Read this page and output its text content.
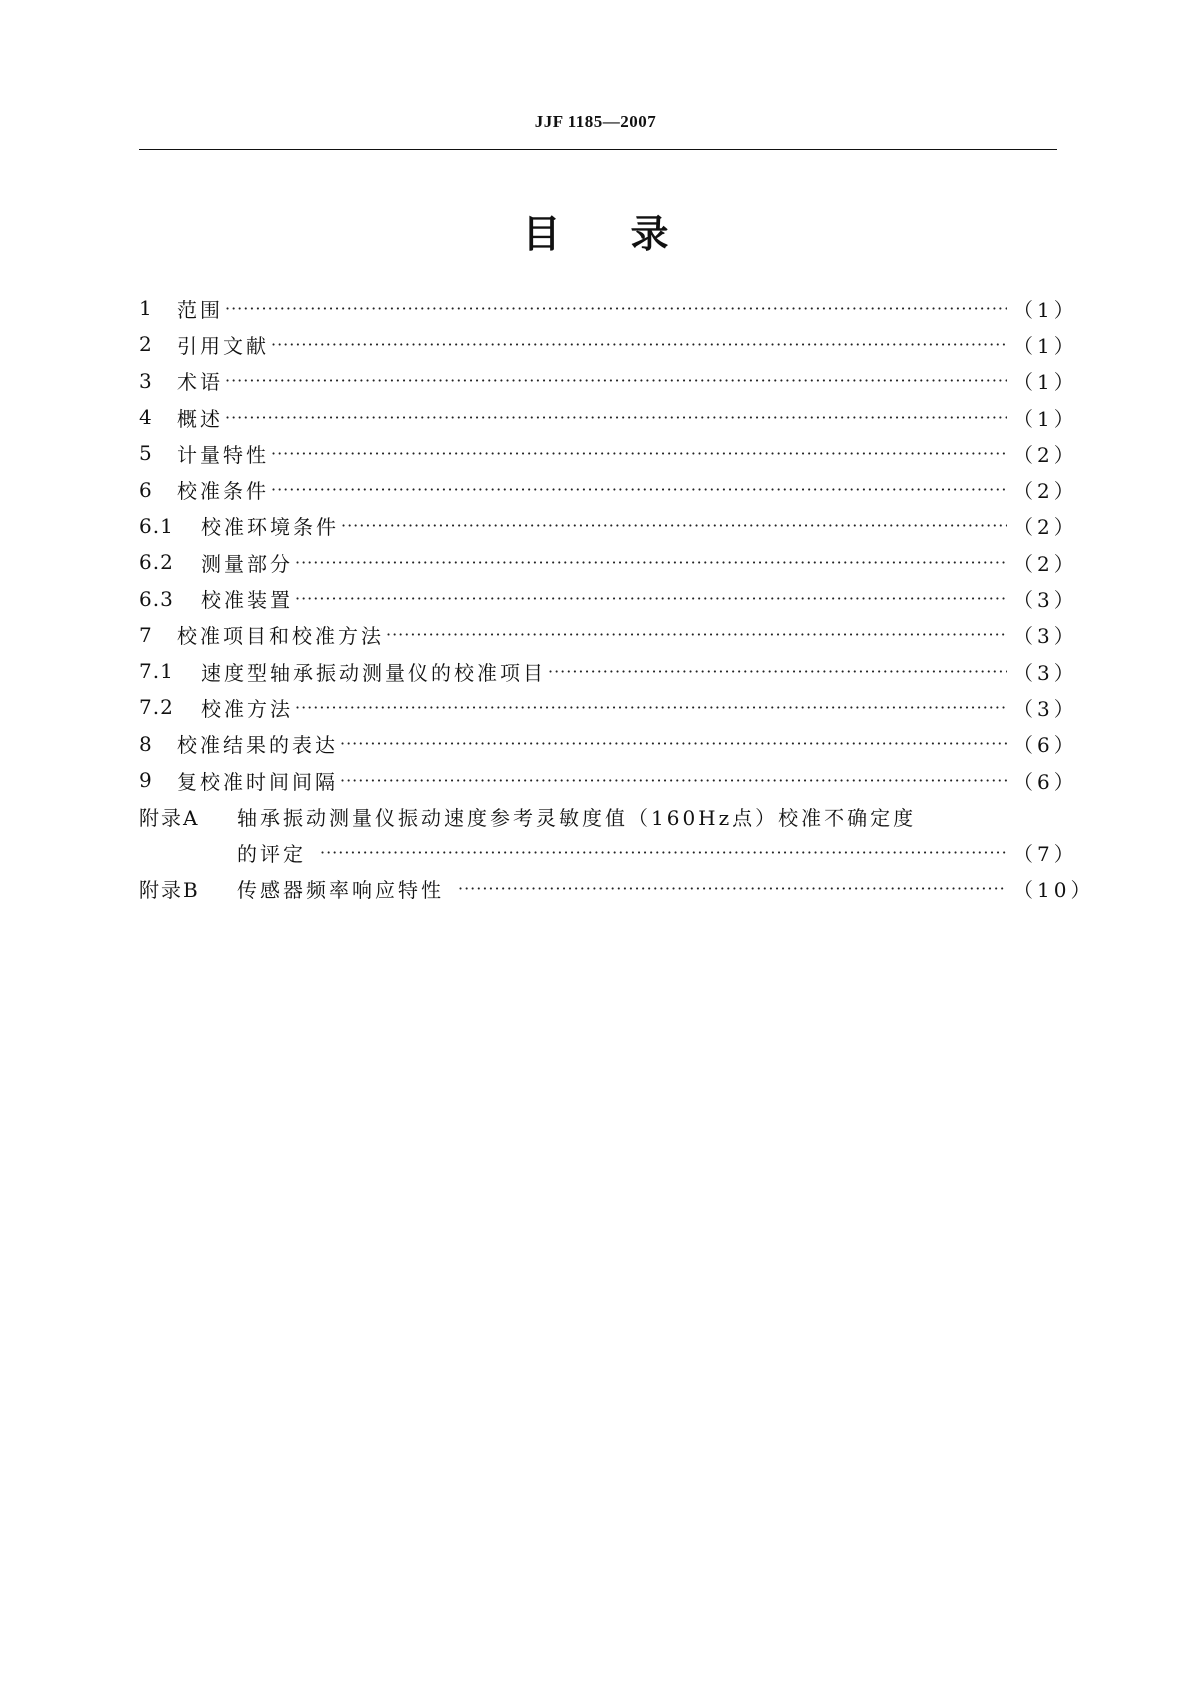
JJF 1185—2007
目录
1	范围 ·····	（1）
2	引用文献 ·····	（1）
3	术语 ·····	（1）
4	概述 ·····	（1）
5	计量特性 ·····	（2）
6	校准条件 ·····	（2）
6.1	校准环境条件 ·····	（2）
6.2	测量部分 ·····	（2）
6.3	校准装置 ·····	（3）
7	校准项目和校准方法 ·····	（3）
7.1	速度型轴承振动测量仪的校准项目 ·····	（3）
7.2	校准方法 ·····	（3）
8	校准结果的表达 ·····	（6）
9	复校准时间间隔 ·····	（6）
附录A	轴承振动测量仪振动速度参考灵敏度值（160Hz点）校准不确定度
的评定 ·····	（7）
附录B	传感器频率响应特性 ·····	（10）
